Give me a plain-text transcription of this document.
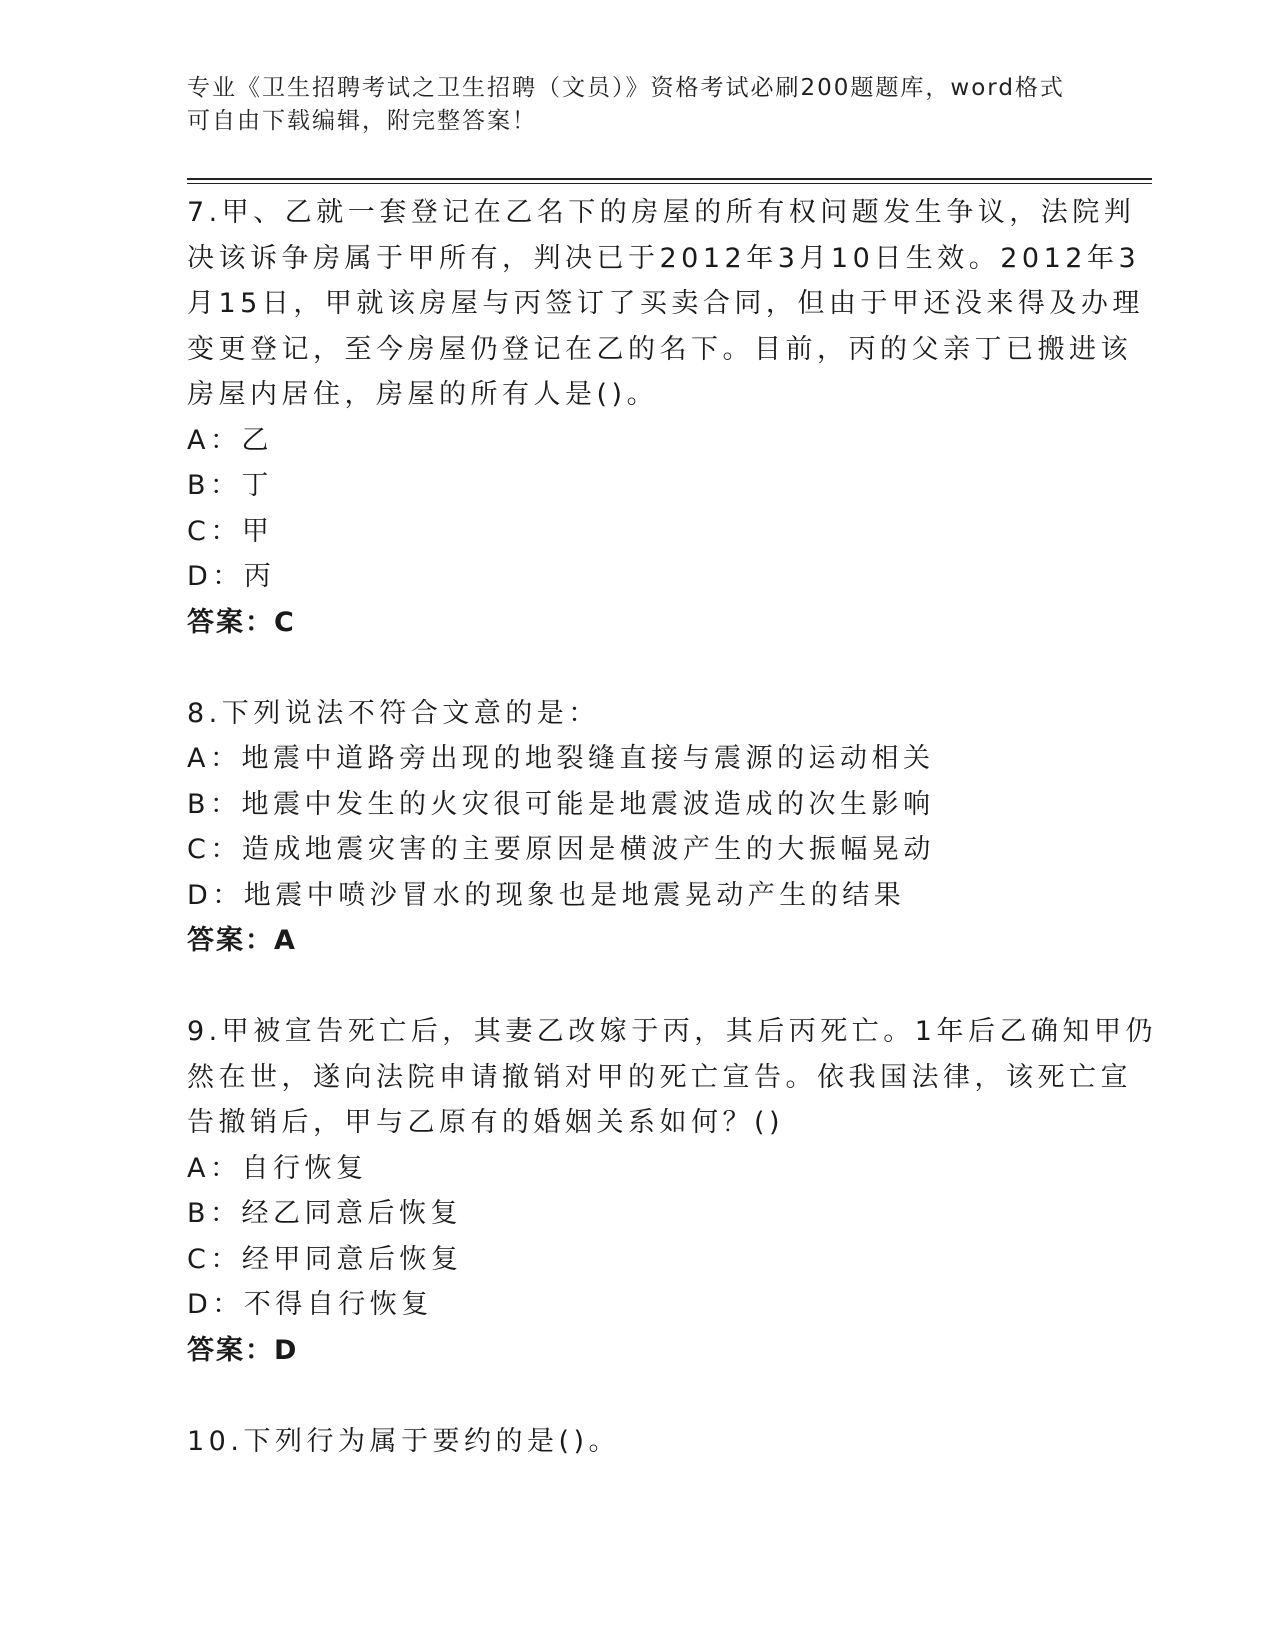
专业《卫生招聘考试之卫生招聘（文员）》资格考试必刷200题题库，word格式
可自由下载编辑，附完整答案！
7.甲、乙就一套登记在乙名下的房屋的所有权问题发生争议，法院判
决该诉争房属于甲所有，判决已于2012年3月10日生效。2012年3
月15日，甲就该房屋与丙签订了买卖合同，但由于甲还没来得及办理
变更登记，至今房屋仍登记在乙的名下。目前，丙的父亲丁已搬进该
房屋内居住，房屋的所有人是()。
A：乙
B：丁
C：甲
D：丙
答案：C
8.下列说法不符合文意的是：
A：地震中道路旁出现的地裂缝直接与震源的运动相关
B：地震中发生的火灾很可能是地震波造成的次生影响
C：造成地震灾害的主要原因是横波产生的大振幅晃动
D：地震中喷沙冒水的现象也是地震晃动产生的结果
答案：A
9.甲被宣告死亡后，其妻乙改嫁于丙，其后丙死亡。1年后乙确知甲仍
然在世，遂向法院申请撤销对甲的死亡宣告。依我国法律，该死亡宣
告撤销后，甲与乙原有的婚姻关系如何？()
A：自行恢复
B：经乙同意后恢复
C：经甲同意后恢复
D：不得自行恢复
答案：D
10.下列行为属于要约的是()。
